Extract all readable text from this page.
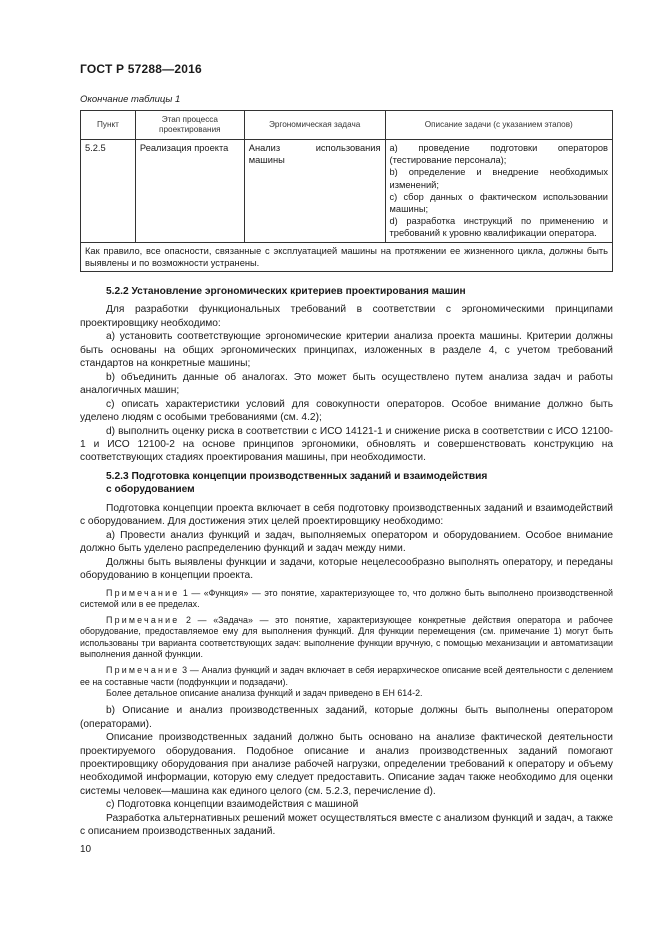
ГОСТ Р 57288—2016
Окончание таблицы 1
Пункт	Этап процесса проектирования	Эргономическая задача	Описание задачи (с указанием этапов)
5.2.5	Реализация проекта	Анализ использования машины	а) проведение подготовки операторов (тестирование персонала);
b) определение и внедрение необходимых изменений;
с) сбор данных о фактическом использовании машины;
d) разработка инструкций по применению и требований к уровню квалификации оператора.

Как правило, все опасности, связанные с эксплуатацией машины на протяжении ее жизненного цикла, должны быть выявлены и по возможности устранены.			

5.2.2 Установление эргономических критериев проектирования машин

Для разработки функциональных требований в соответствии с эргономическими принципами проектировщику необходимо:

а) установить соответствующие эргономические критерии анализа проекта машины. Критерии должны быть основаны на общих эргономических принципах, изложенных в разделе 4, с учетом требований стандартов на конкретные машины;

b) объединить данные об аналогах. Это может быть осуществлено путем анализа задач и работы аналогичных машин;

с) описать характеристики условий для совокупности операторов. Особое внимание должно быть уделено людям с особыми требованиями (см. 4.2);

d) выполнить оценку риска в соответствии с ИСО 14121-1 и снижение риска в соответствии с ИСО 12100-1 и ИСО 12100-2 на основе принципов эргономики, обновлять и совершенствовать конструкцию на соответствующих стадиях проектирования машины, при необходимости.

5.2.3 Подготовка концепции производственных заданий и взаимодействия

с оборудованием

Подготовка концепции проекта включает в себя подготовку производственных заданий и взаимодействий с оборудованием. Для достижения этих целей проектировщику необходимо:

а) Провести анализ функций и задач, выполняемых оператором и оборудованием. Особое внимание должно быть уделено распределению функций и задач между ними.

Должны быть выявлены функции и задачи, которые нецелесообразно выполнять оператору, и переданы оборудованию в концепции проекта.

Примечание 1 — «Функция» — это понятие, характеризующее то, что должно быть выполнено производственной системой или в ее пределах.

Примечание 2 — «Задача» — это понятие, характеризующее конкретные действия оператора и рабочее оборудование, предоставляемое ему для выполнения функций. Для функции перемещения (см. примечание 1) могут быть использованы три варианта соответствующих задач: выполнение функции вручную, с помощью механизации и автоматизации выполнения данной функции.

Примечание 3 — Анализ функций и задач включает в себя иерархическое описание всей деятельности с делением ее на составные части (подфункции и подзадачи).

Более детальное описание анализа функций и задач приведено в ЕН 614-2.

b) Описание и анализ производственных заданий, которые должны быть выполнены оператором (операторами).

Описание производственных заданий должно быть основано на анализе фактической деятельности проектируемого оборудования. Подобное описание и анализ производственных заданий помогают проектировщику оборудования при анализе рабочей нагрузки, определении требований к оператору и объему необходимой информации, которую ему следует предоставить. Описание задач также необходимо для оценки системы человек—машина как единого целого (см. 5.2.3, перечисление d).

с) Подготовка концепции взаимодействия с машиной

Разработка альтернативных решений может осуществляться вместе с анализом функций и задач, а также с описанием производственных заданий.

10
